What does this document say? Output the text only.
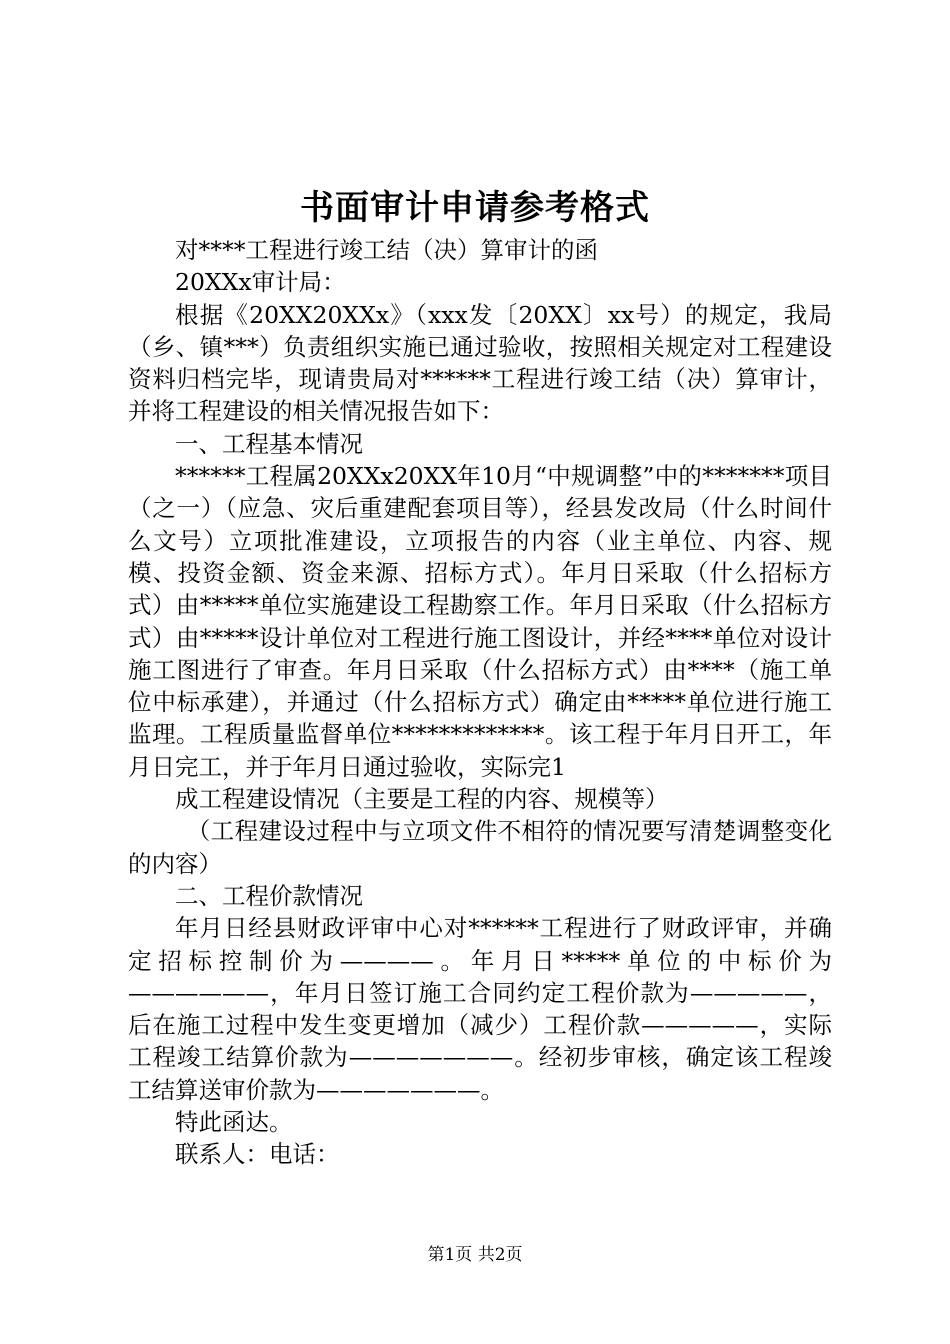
书面审计申请参考格式

对****工程进行竣工结（决）算审计的函

20XXx审计局：

根据《20XX20XXx》（xxx发〔20XX〕xx号）的规定，我局（乡、镇***）负责组织实施已通过验收，按照相关规定对工程建设资料归档完毕，现请贵局对******工程进行竣工结（决）算审计，并将工程建设的相关情况报告如下：

一、工程基本情况

******工程属20XXx20XX年10月“中规调整”中的*******项目（之一）（应急、灾后重建配套项目等），经县发改局（什么时间什么文号）立项批准建设，立项报告的内容（业主单位、内容、规模、投资金额、资金来源、招标方式）。年月日采取（什么招标方式）由*****单位实施建设工程勘察工作。年月日采取（什么招标方式）由*****设计单位对工程进行施工图设计，并经****单位对设计施工图进行了审查。年月日采取（什么招标方式）由****（施工单位中标承建），并通过（什么招标方式）确定由*****单位进行施工监理。工程质量监督单位*************。该工程于年月日开工，年月日完工，并于年月日通过验收，实际完1

成工程建设情况（主要是工程的内容、规模等）

（工程建设过程中与立项文件不相符的情况要写清楚调整变化的内容）

二、工程价款情况

年月日经县财政评审中心对******工程进行了财政评审，并确定招标控制价为————。年月日*****单位的中标价为——————，年月日签订施工合同约定工程价款为—————，后在施工过程中发生变更增加（减少）工程价款—————，实际工程竣工结算价款为———————。经初步审核，确定该工程竣工结算送审价款为———————。

特此函达。

联系人：电话：

第1页 共2页
